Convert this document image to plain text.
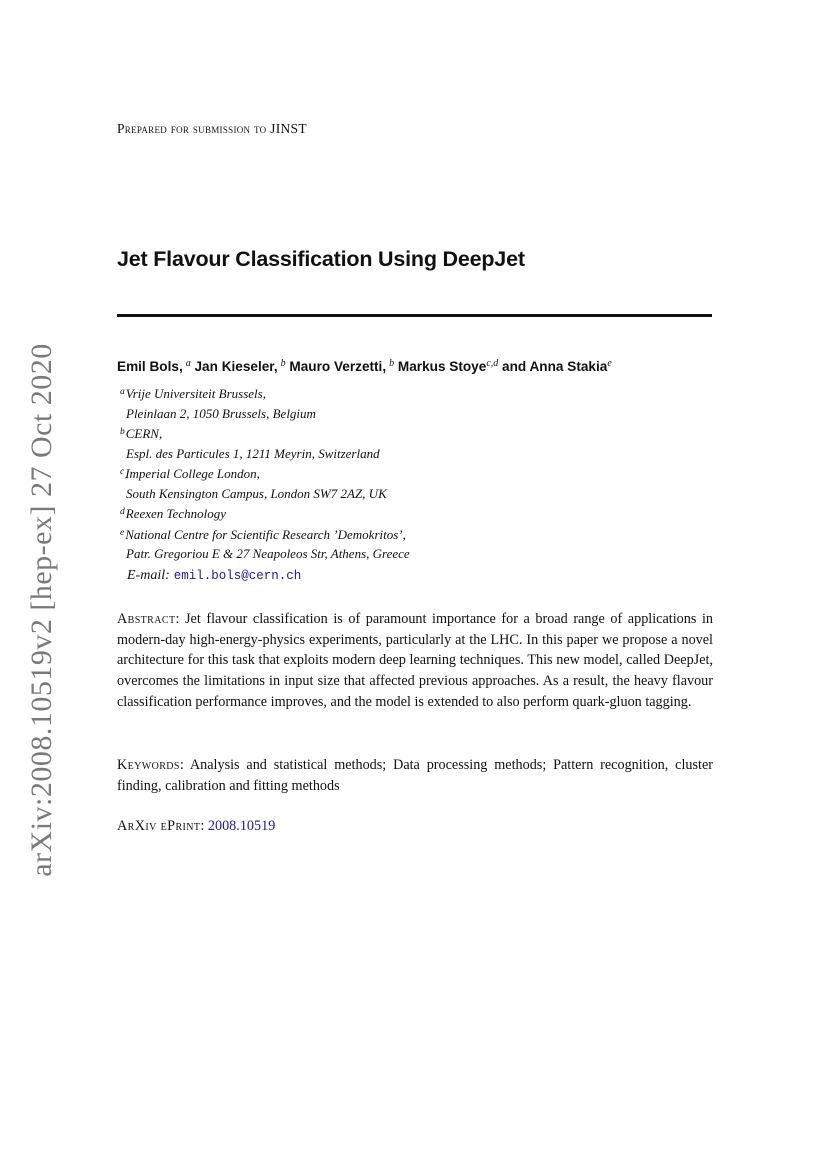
arXiv:2008.10519v2 [hep-ex] 27 Oct 2020
Prepared for submission to JINST
Jet Flavour Classification Using DeepJet
Emil Bols, $^a$ Jan Kieseler, $^b$ Mauro Verzetti, $^b$ Markus Stoye$^{c,d}$ and Anna Stakia$^e$
$^a$Vrije Universiteit Brussels,
Pleinlaan 2, 1050 Brussels, Belgium
$^b$CERN,
Espl. des Particules 1, 1211 Meyrin, Switzerland
$^c$Imperial College London,
South Kensington Campus, London SW7 2AZ, UK
$^d$Reexen Technology
$^e$National Centre for Scientific Research ’Demokritos’,
Patr. Gregoriou E & 27 Neapoleos Str, Athens, Greece
E-mail: emil.bols@cern.ch

Abstract: Jet flavour classification is of paramount importance for a broad range of applications in modern-day high-energy-physics experiments, particularly at the LHC. In this paper we propose a novel architecture for this task that exploits modern deep learning techniques. This new model, called DeepJet, overcomes the limitations in input size that affected previous approaches. As a result, the heavy flavour classification performance improves, and the model is extended to also perform quark-gluon tagging.

Keywords: Analysis and statistical methods; Data processing methods; Pattern recognition, cluster finding, calibration and fitting methods

ArXiv ePrint: 2008.10519
